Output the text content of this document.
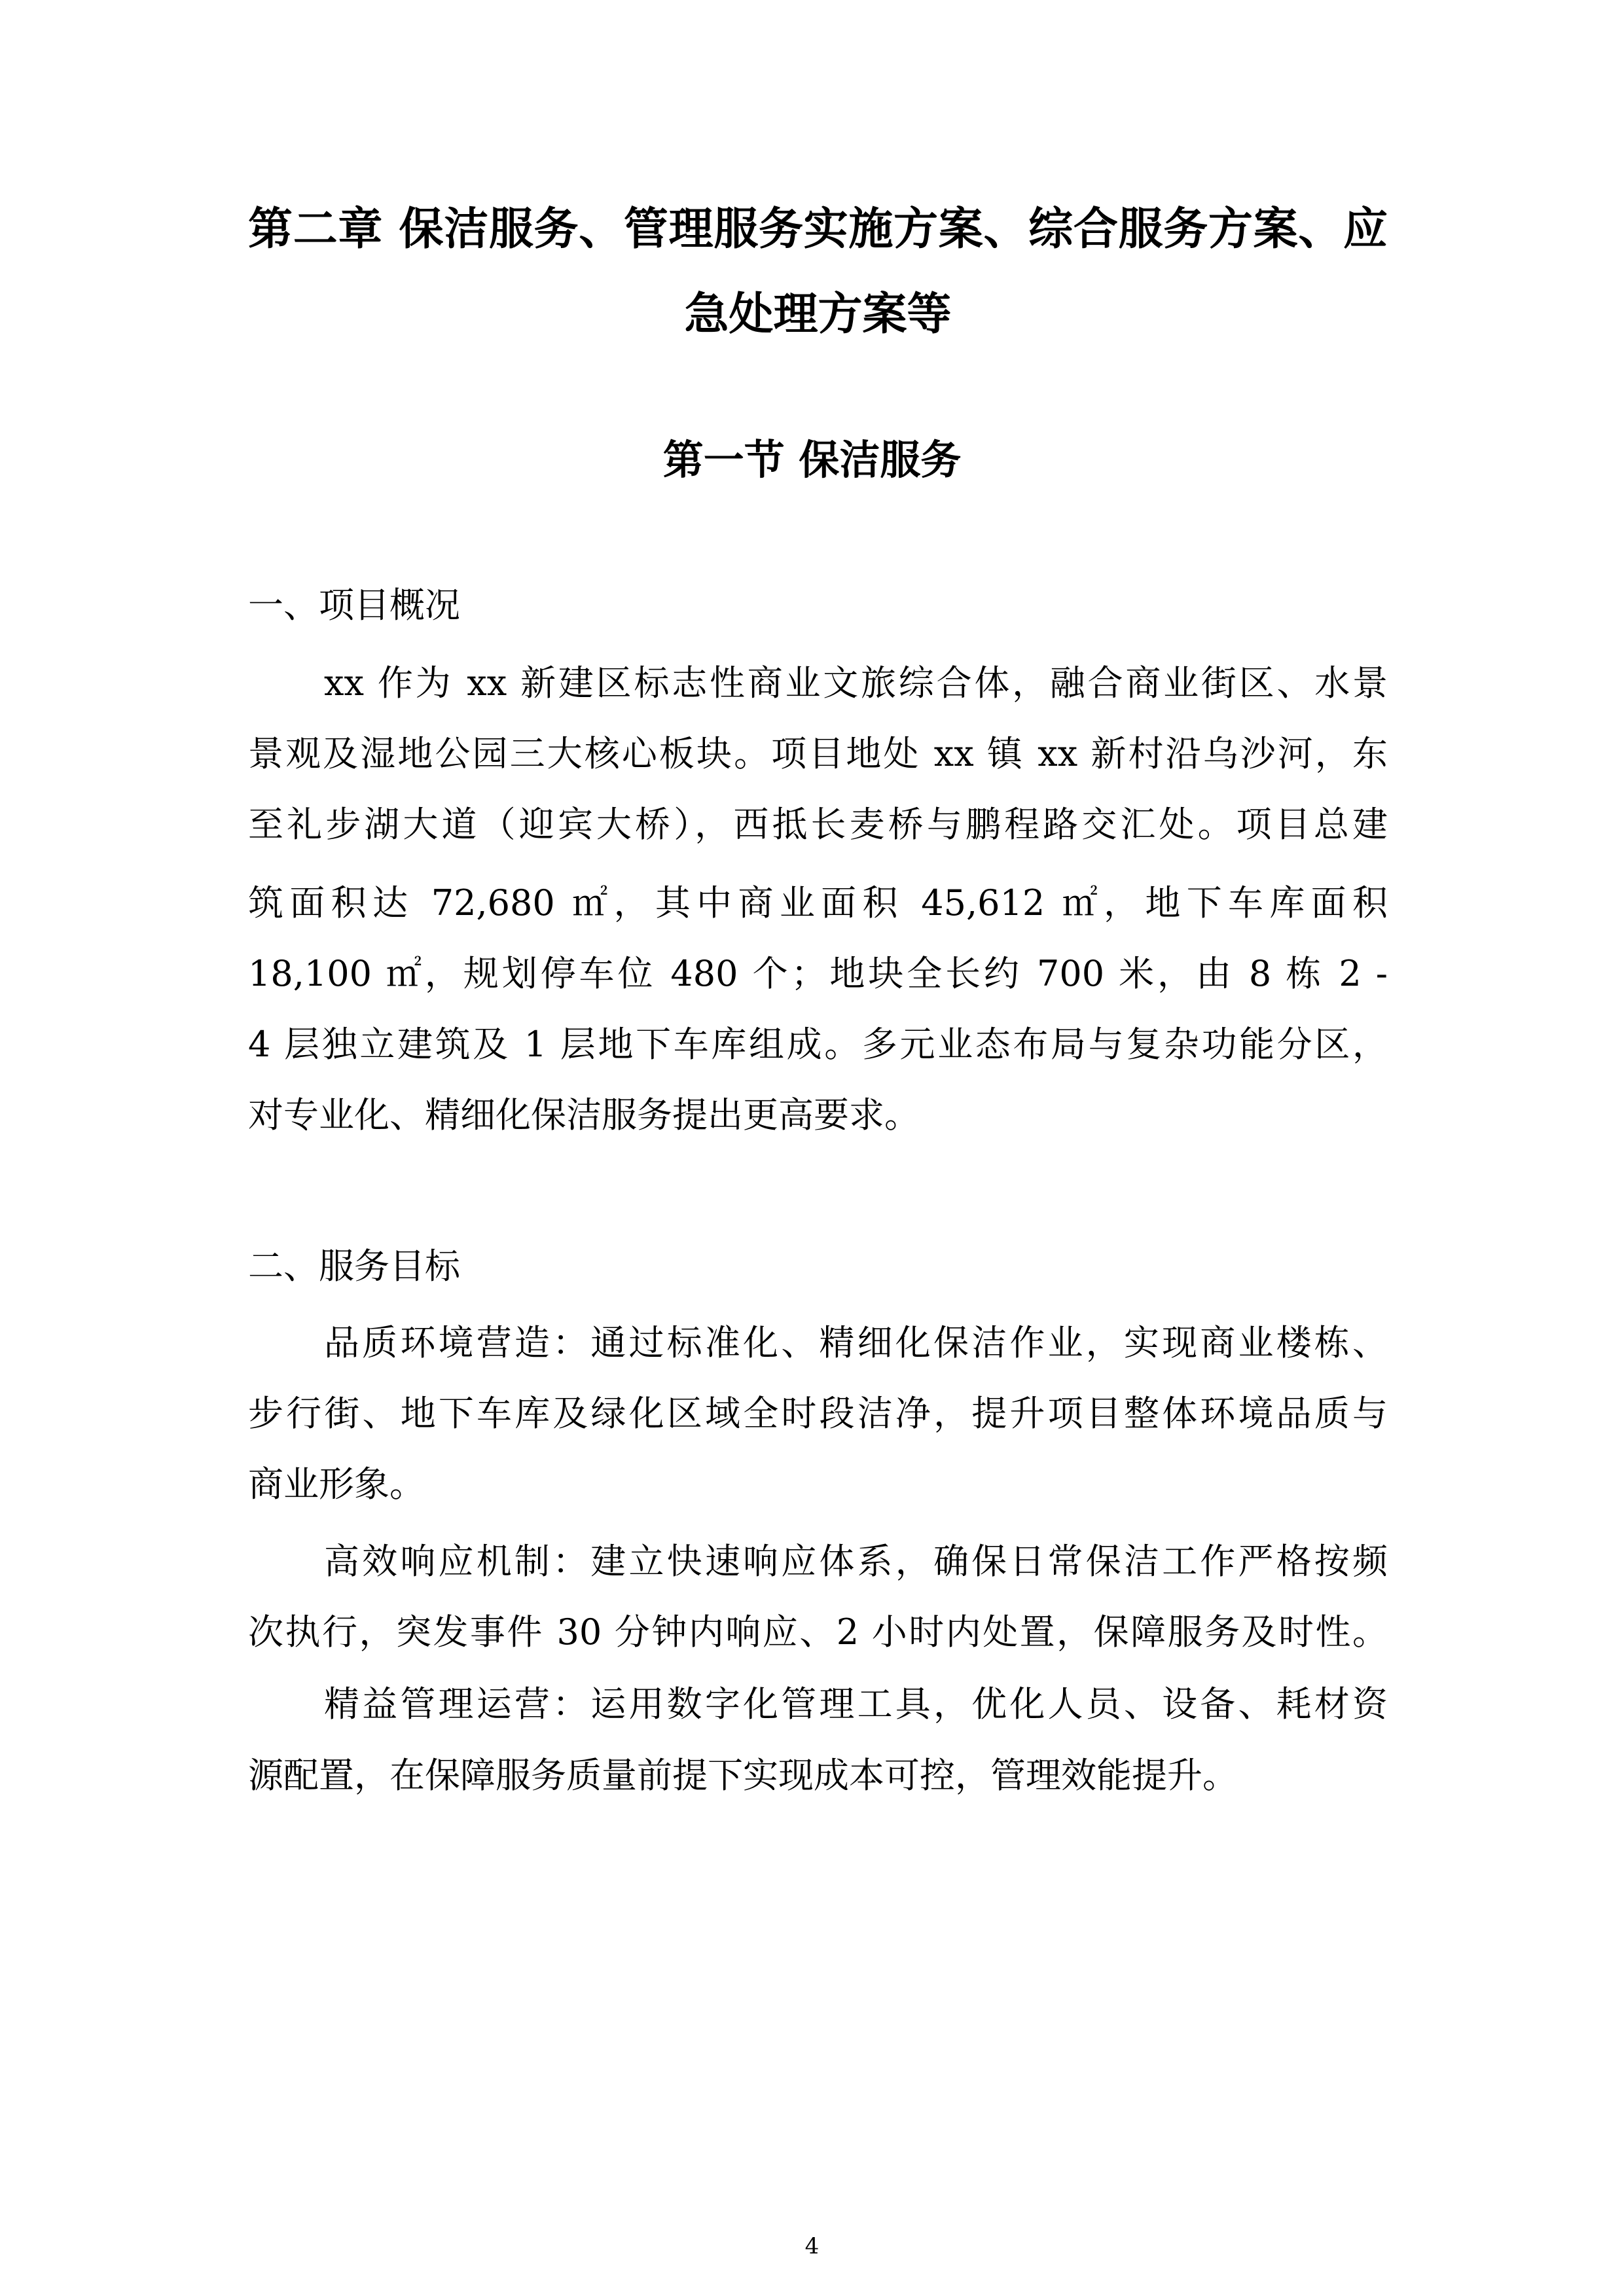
第二章 保洁服务、管理服务实施方案、综合服务方案、应
急处理方案等
第一节 保洁服务
一、项目概况
xx 作为 xx 新建区标志性商业文旅综合体，融合商业街区、水景
景观及湿地公园三大核心板块。项目地处 xx 镇 xx 新村沿乌沙河，东
至礼步湖大道（迎宾大桥），西抵长麦桥与鹏程路交汇处。项目总建
筑面积达 72,680 ㎡，其中商业面积 45,612 ㎡，地下车库面积
18,100 ㎡，规划停车位 480 个；地块全长约 700 米，由 8 栋 2 -
4 层独立建筑及 1 层地下车库组成。多元业态布局与复杂功能分区，
对专业化、精细化保洁服务提出更高要求。
二、服务目标
品质环境营造：通过标准化、精细化保洁作业，实现商业楼栋、
步行街、地下车库及绿化区域全时段洁净，提升项目整体环境品质与
商业形象。
高效响应机制：建立快速响应体系，确保日常保洁工作严格按频
次执行，突发事件 30 分钟内响应、2 小时内处置，保障服务及时性。
精益管理运营：运用数字化管理工具，优化人员、设备、耗材资
源配置，在保障服务质量前提下实现成本可控，管理效能提升。
4
